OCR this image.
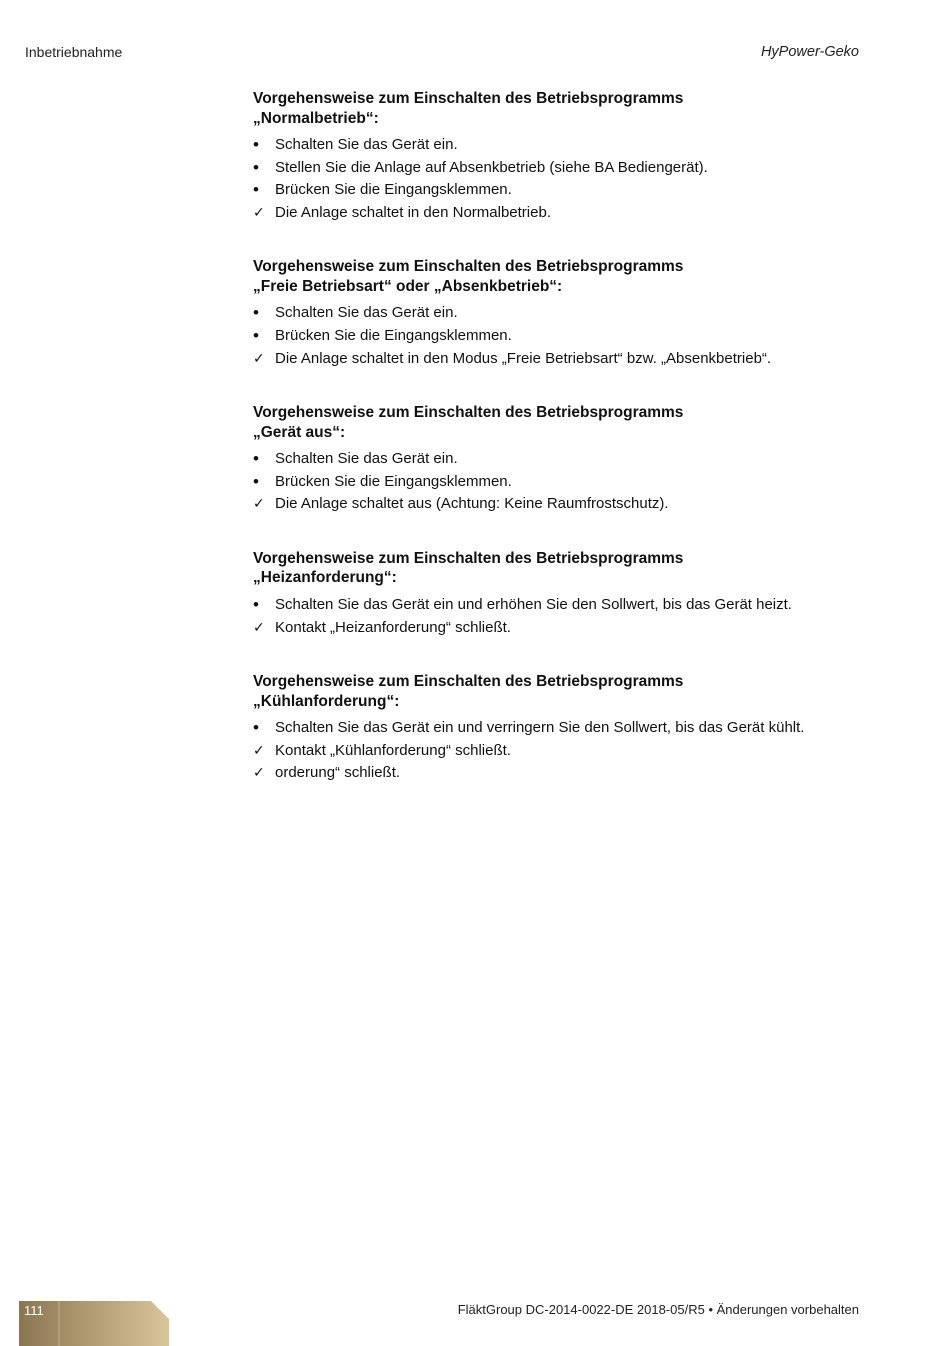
Inbetriebnahme	HyPower-Geko
Vorgehensweise zum Einschalten des Betriebsprogramms
„Normalbetrieb“:
•	Schalten Sie das Gerät ein.
•	Stellen Sie die Anlage auf Absenkbetrieb (siehe BA Bediengerät).
•	Brücken Sie die Eingangsklemmen.
✓ Die Anlage schaltet in den Normalbetrieb.
Vorgehensweise zum Einschalten des Betriebsprogramms
„Freie Betriebsart“ oder „Absenkbetrieb“:
•	Schalten Sie das Gerät ein.
•	Brücken Sie die Eingangsklemmen.
✓ Die Anlage schaltet in den Modus „Freie Betriebsart“ bzw. „Absenkbetrieb“.
Vorgehensweise zum Einschalten des Betriebsprogramms
„Gerät aus“:
•	Schalten Sie das Gerät ein.
•	Brücken Sie die Eingangsklemmen.
✓ Die Anlage schaltet aus (Achtung: Keine Raumfrostschutz).
Vorgehensweise zum Einschalten des Betriebsprogramms
„Heizanforderung“:
•	Schalten Sie das Gerät ein und erhöhen Sie den Sollwert, bis das Gerät heizt.
✓ Kontakt „Heizanforderung“ schließt.
Vorgehensweise zum Einschalten des Betriebsprogramms
„Kühlanforderung“:
•	Schalten Sie das Gerät ein und verringern Sie den Sollwert, bis das Gerät kühlt.
✓ Kontakt „Kühlanforderung“ schließt.
✓ orderung“ schließt.
111	FläktGroup DC-2014-0022-DE 2018-05/R5 • Änderungen vorbehalten
